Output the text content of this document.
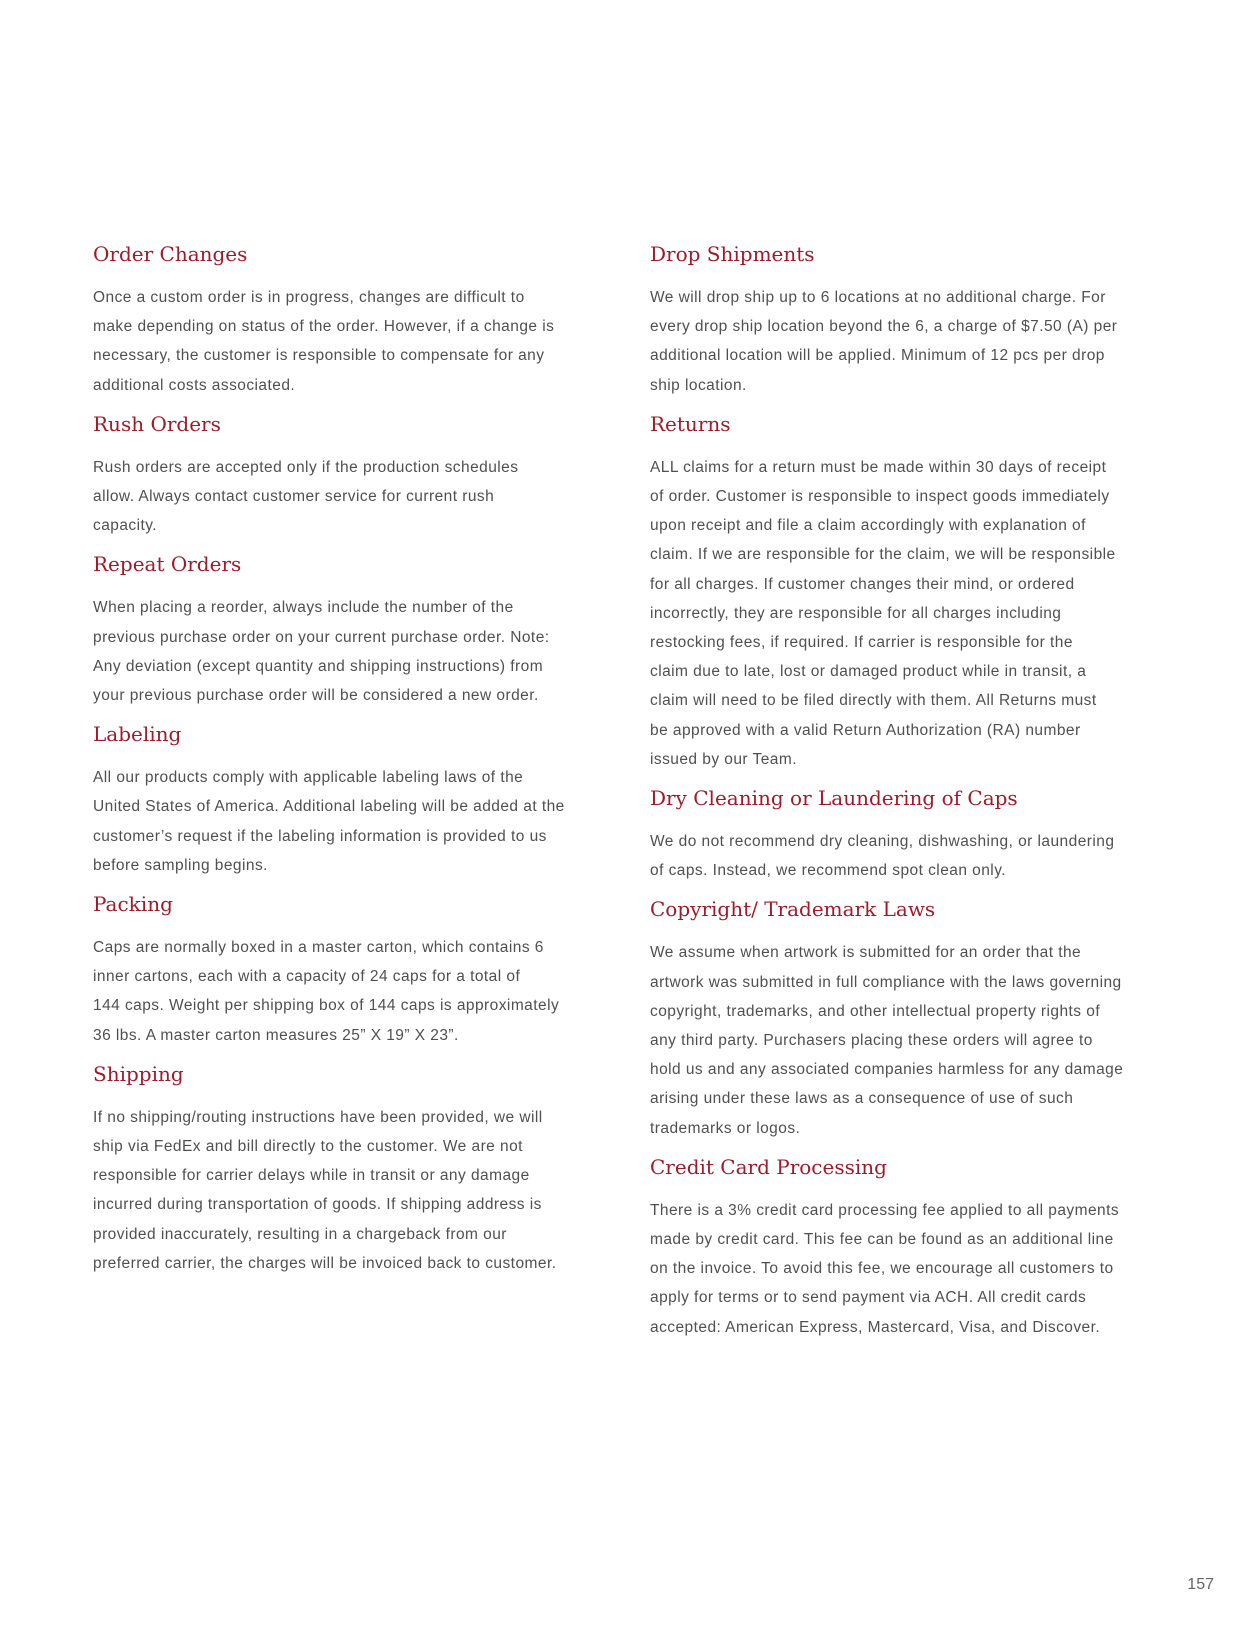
Order Changes
Once a custom order is in progress, changes are difficult to
make depending on status of the order. However, if a change is
necessary, the customer is responsible to compensate for any
additional costs associated.
Rush Orders
Rush orders are accepted only if the production schedules
allow. Always contact customer service for current rush
capacity.
Repeat Orders
When placing a reorder, always include the number of the
previous purchase order on your current purchase order. Note:
Any deviation (except quantity and shipping instructions) from
your previous purchase order will be considered a new order.
Labeling
All our products comply with applicable labeling laws of the
United States of America. Additional labeling will be added at the
customer’s request if the labeling information is provided to us
before sampling begins.
Packing
Caps are normally boxed in a master carton, which contains 6
inner cartons, each with a capacity of 24 caps for a total of
144 caps. Weight per shipping box of 144 caps is approximately
36 lbs. A master carton measures 25” X 19” X 23”.
Shipping
If no shipping/routing instructions have been provided, we will
ship via FedEx and bill directly to the customer. We are not
responsible for carrier delays while in transit or any damage
incurred during transportation of goods. If shipping address is
provided inaccurately, resulting in a chargeback from our
preferred carrier, the charges will be invoiced back to customer.
Drop Shipments
We will drop ship up to 6 locations at no additional charge. For
every drop ship location beyond the 6, a charge of $7.50 (A) per
additional location will be applied. Minimum of 12 pcs per drop
ship location.
Returns
ALL claims for a return must be made within 30 days of receipt
of order. Customer is responsible to inspect goods immediately
upon receipt and file a claim accordingly with explanation of
claim. If we are responsible for the claim, we will be responsible
for all charges. If customer changes their mind, or ordered
incorrectly, they are responsible for all charges including
restocking fees, if required. If carrier is responsible for the
claim due to late, lost or damaged product while in transit, a
claim will need to be filed directly with them. All Returns must
be approved with a valid Return Authorization (RA) number
issued by our Team.
Dry Cleaning or Laundering of Caps
We do not recommend dry cleaning, dishwashing, or laundering
of caps. Instead, we recommend spot clean only.
Copyright/ Trademark Laws
We assume when artwork is submitted for an order that the
artwork was submitted in full compliance with the laws governing
copyright, trademarks, and other intellectual property rights of
any third party. Purchasers placing these orders will agree to
hold us and any associated companies harmless for any damage
arising under these laws as a consequence of use of such
trademarks or logos.
Credit Card Processing
There is a 3% credit card processing fee applied to all payments
made by credit card. This fee can be found as an additional line
on the invoice. To avoid this fee, we encourage all customers to
apply for terms or to send payment via ACH. All credit cards
accepted: American Express, Mastercard, Visa, and Discover.
157
